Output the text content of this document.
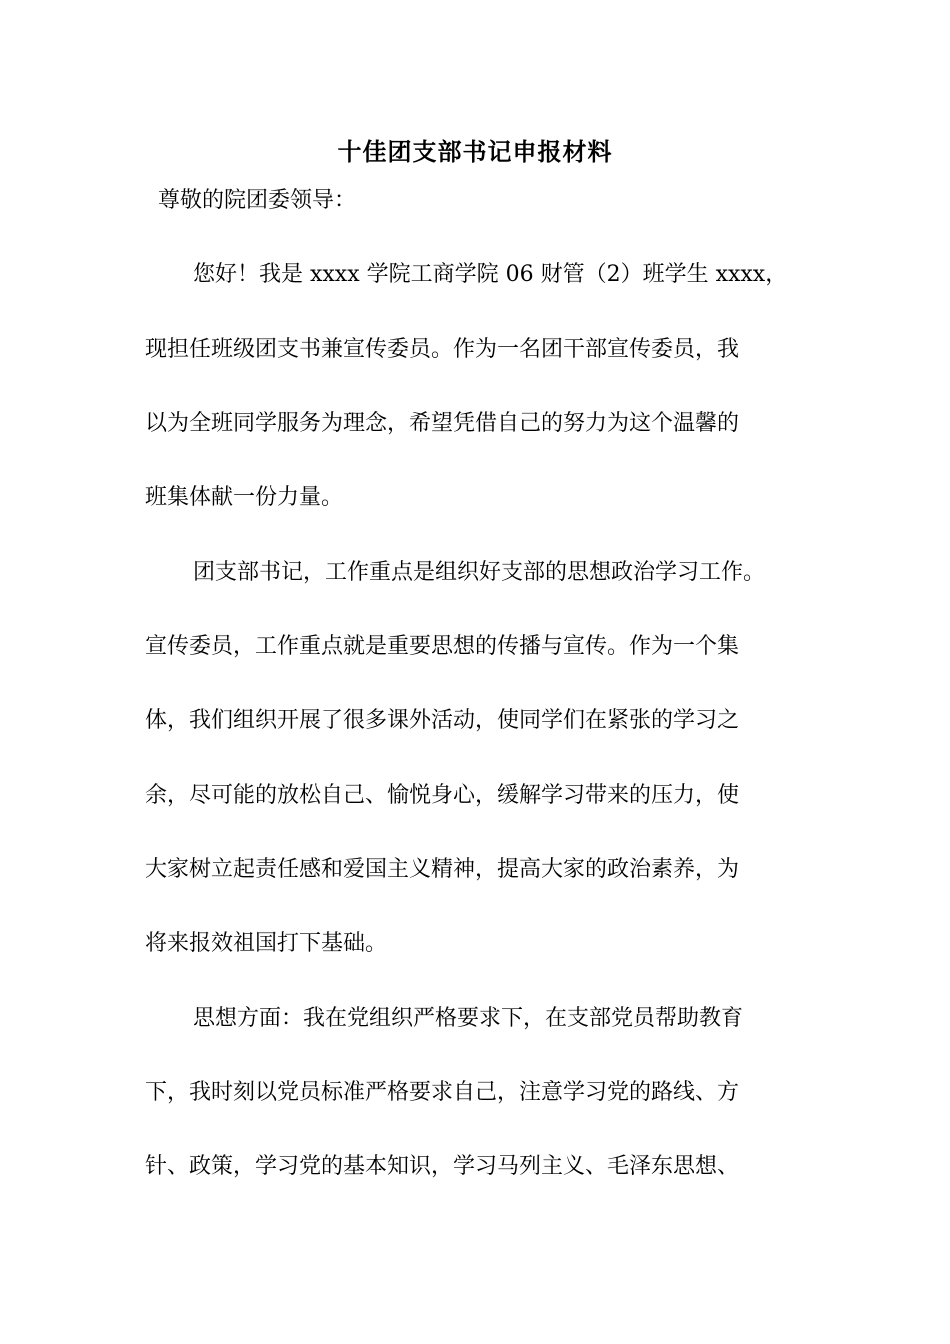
十佳团支部书记申报材料
尊敬的院团委领导：
您好！我是 xxxx 学院工商学院 06 财管（2）班学生 xxxx，
现担任班级团支书兼宣传委员。作为一名团干部宣传委员，我
以为全班同学服务为理念，希望凭借自己的努力为这个温馨的
班集体献一份力量。
团支部书记，工作重点是组织好支部的思想政治学习工作。
宣传委员，工作重点就是重要思想的传播与宣传。作为一个集
体，我们组织开展了很多课外活动，使同学们在紧张的学习之
余，尽可能的放松自己、愉悦身心，缓解学习带来的压力，使
大家树立起责任感和爱国主义精神，提高大家的政治素养，为
将来报效祖国打下基础。
思想方面：我在党组织严格要求下，在支部党员帮助教育
下，我时刻以党员标准严格要求自己，注意学习党的路线、方
针、政策，学习党的基本知识，学习马列主义、毛泽东思想、
